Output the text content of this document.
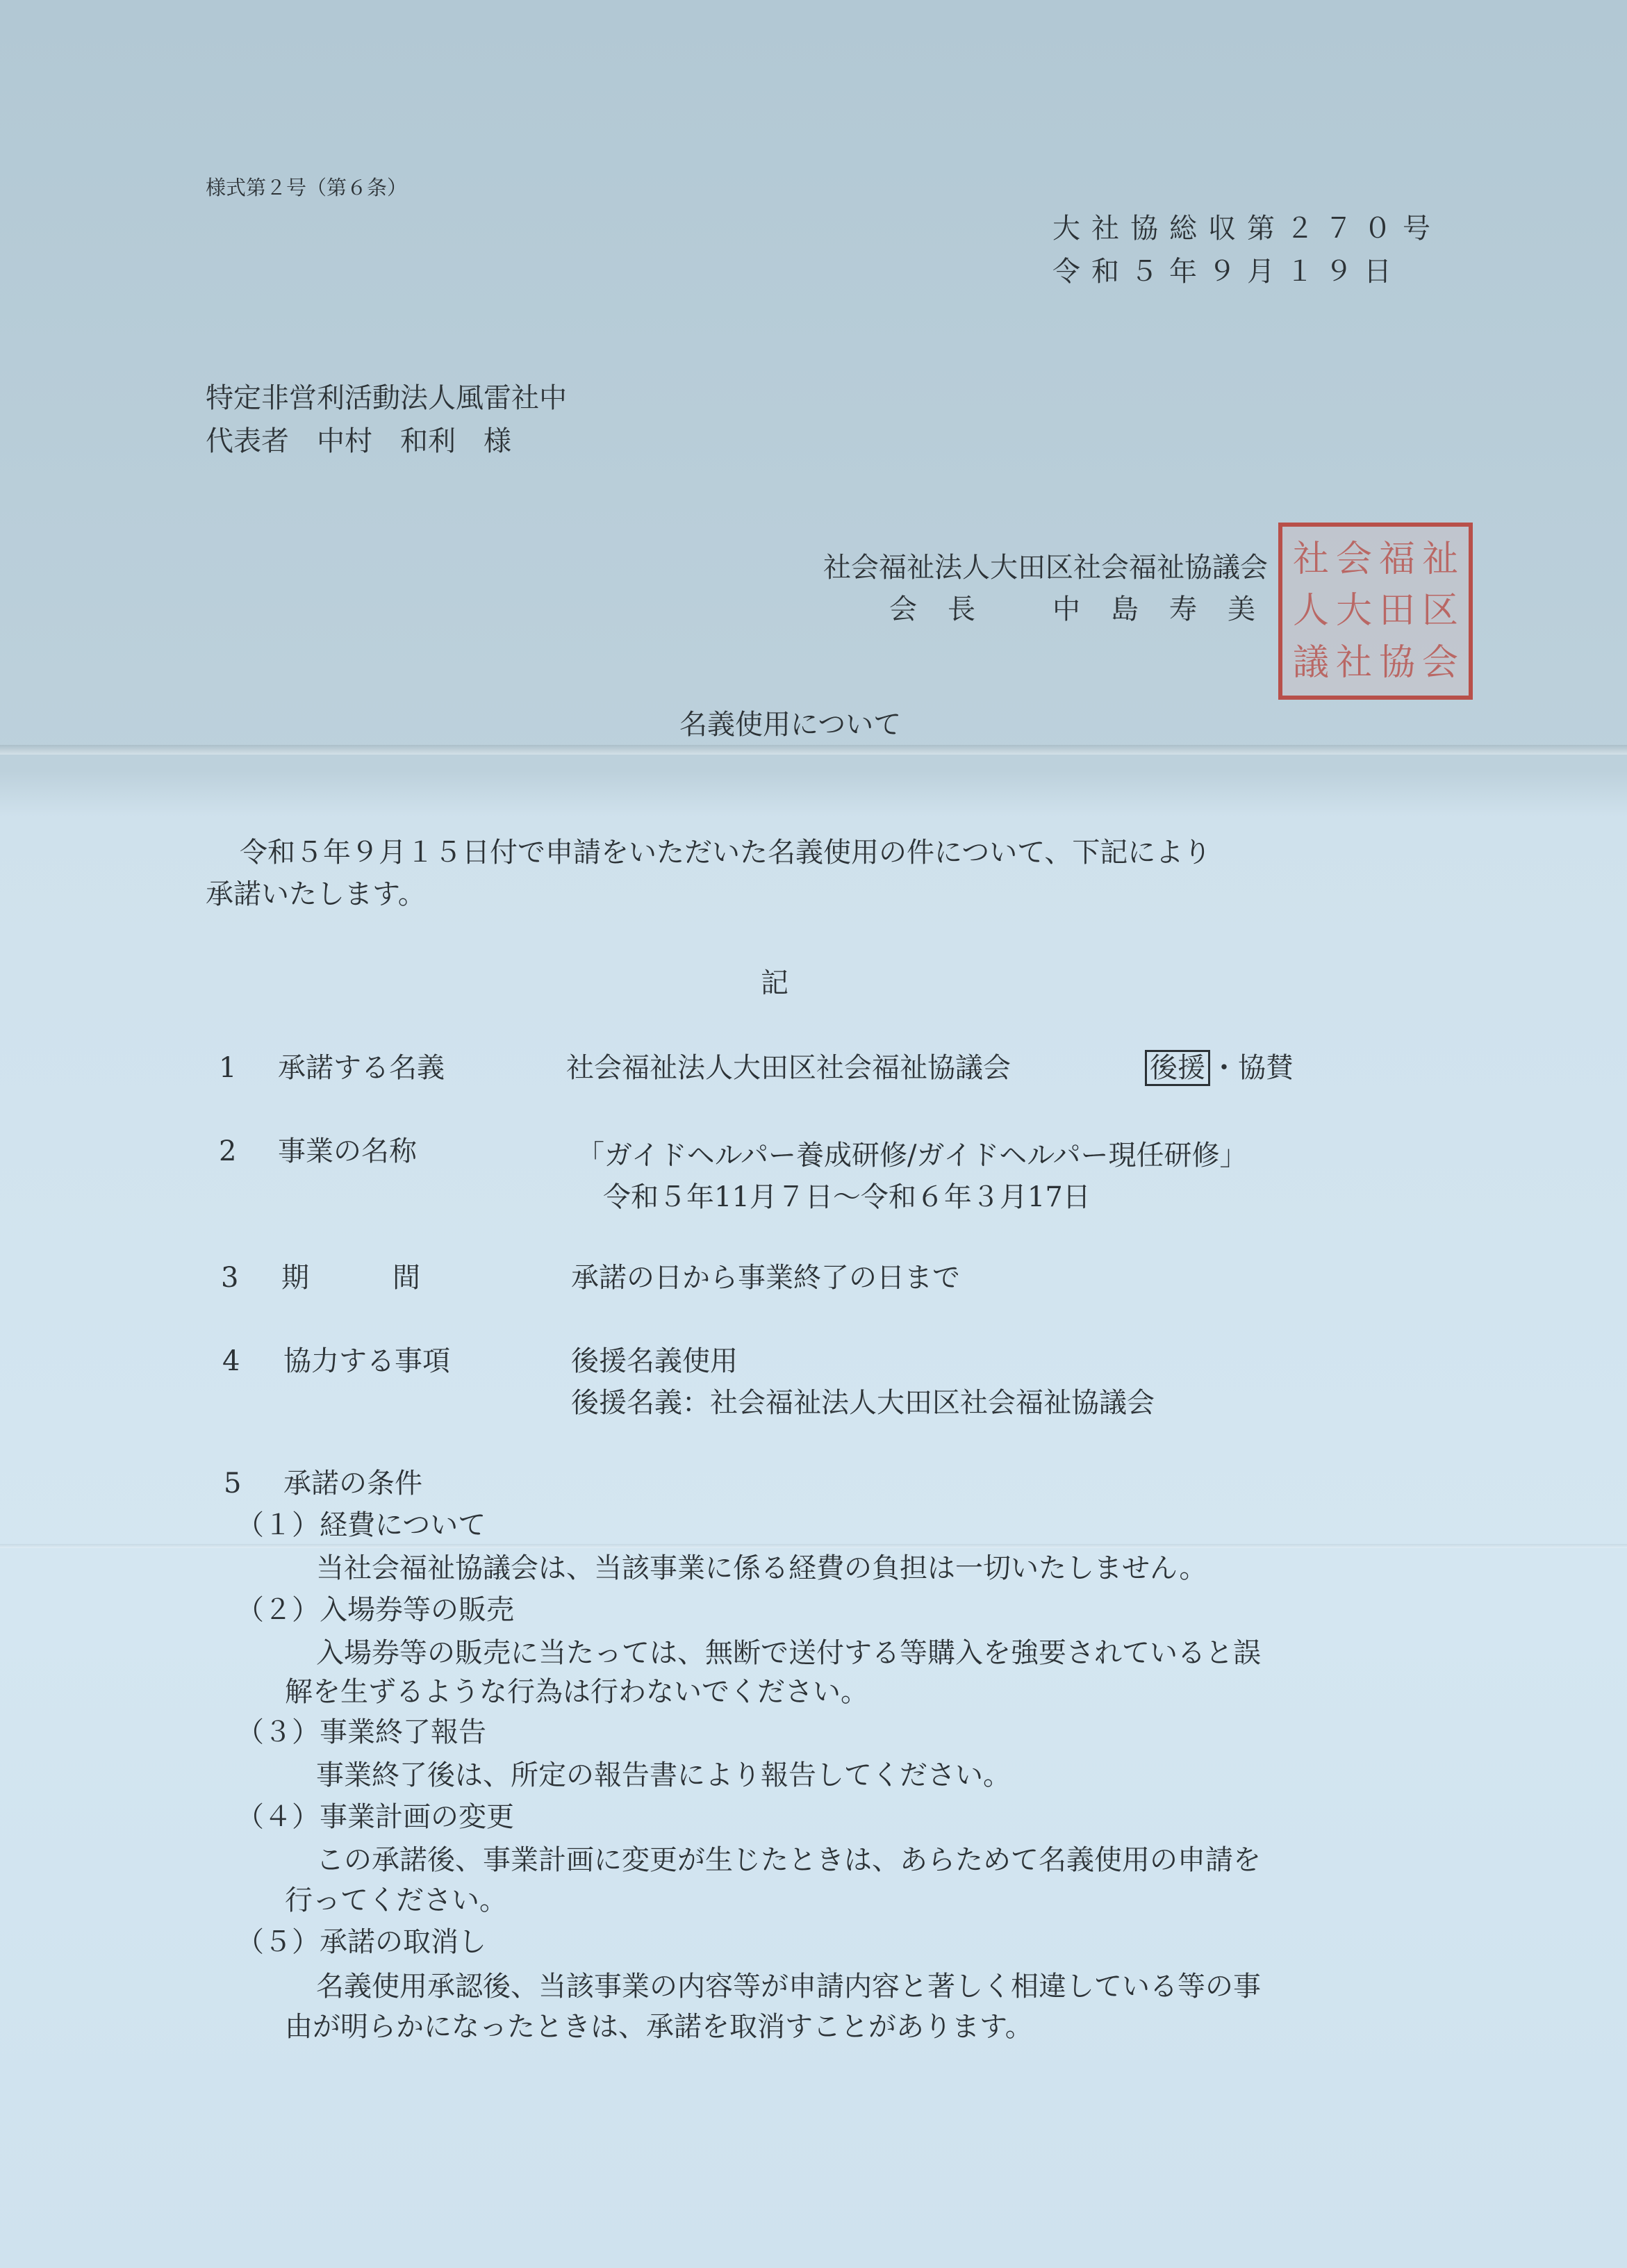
様式第２号（第６条）
大社協総収第２７０号
令和５年９月１９日
特定非営利活動法人風雷社中
代表者　中村　和利　様
社会福祉法人大田区社会福祉協議会
会長 中島寿美
社 会 福 祉
人 大 田 区
議 社 協 会
名義使用について
令和５年９月１５日付で申請をいただいた名義使用の件について、下記により
承諾いたします。
記
1 承諾する名義	社会福祉法人大田区社会福祉協議会	後援 ・協賛
2 事業の名称	「ガイドヘルパー養成研修/ガイドヘルパー現任研修」
令和５年11月７日～令和６年３月17日
3 期　　　間	承諾の日から事業終了の日まで
4 協力する事項	後援名義使用
後援名義：社会福祉法人大田区社会福祉協議会
5 承諾の条件
（１）経費について
当社会福祉協議会は、当該事業に係る経費の負担は一切いたしません。
（２）入場券等の販売
入場券等の販売に当たっては、無断で送付する等購入を強要されていると誤
解を生ずるような行為は行わないでください。
（３）事業終了報告
事業終了後は、所定の報告書により報告してください。
（４）事業計画の変更
この承諾後、事業計画に変更が生じたときは、あらためて名義使用の申請を
行ってください。
（５）承諾の取消し
名義使用承認後、当該事業の内容等が申請内容と著しく相違している等の事
由が明らかになったときは、承諾を取消すことがあります。
